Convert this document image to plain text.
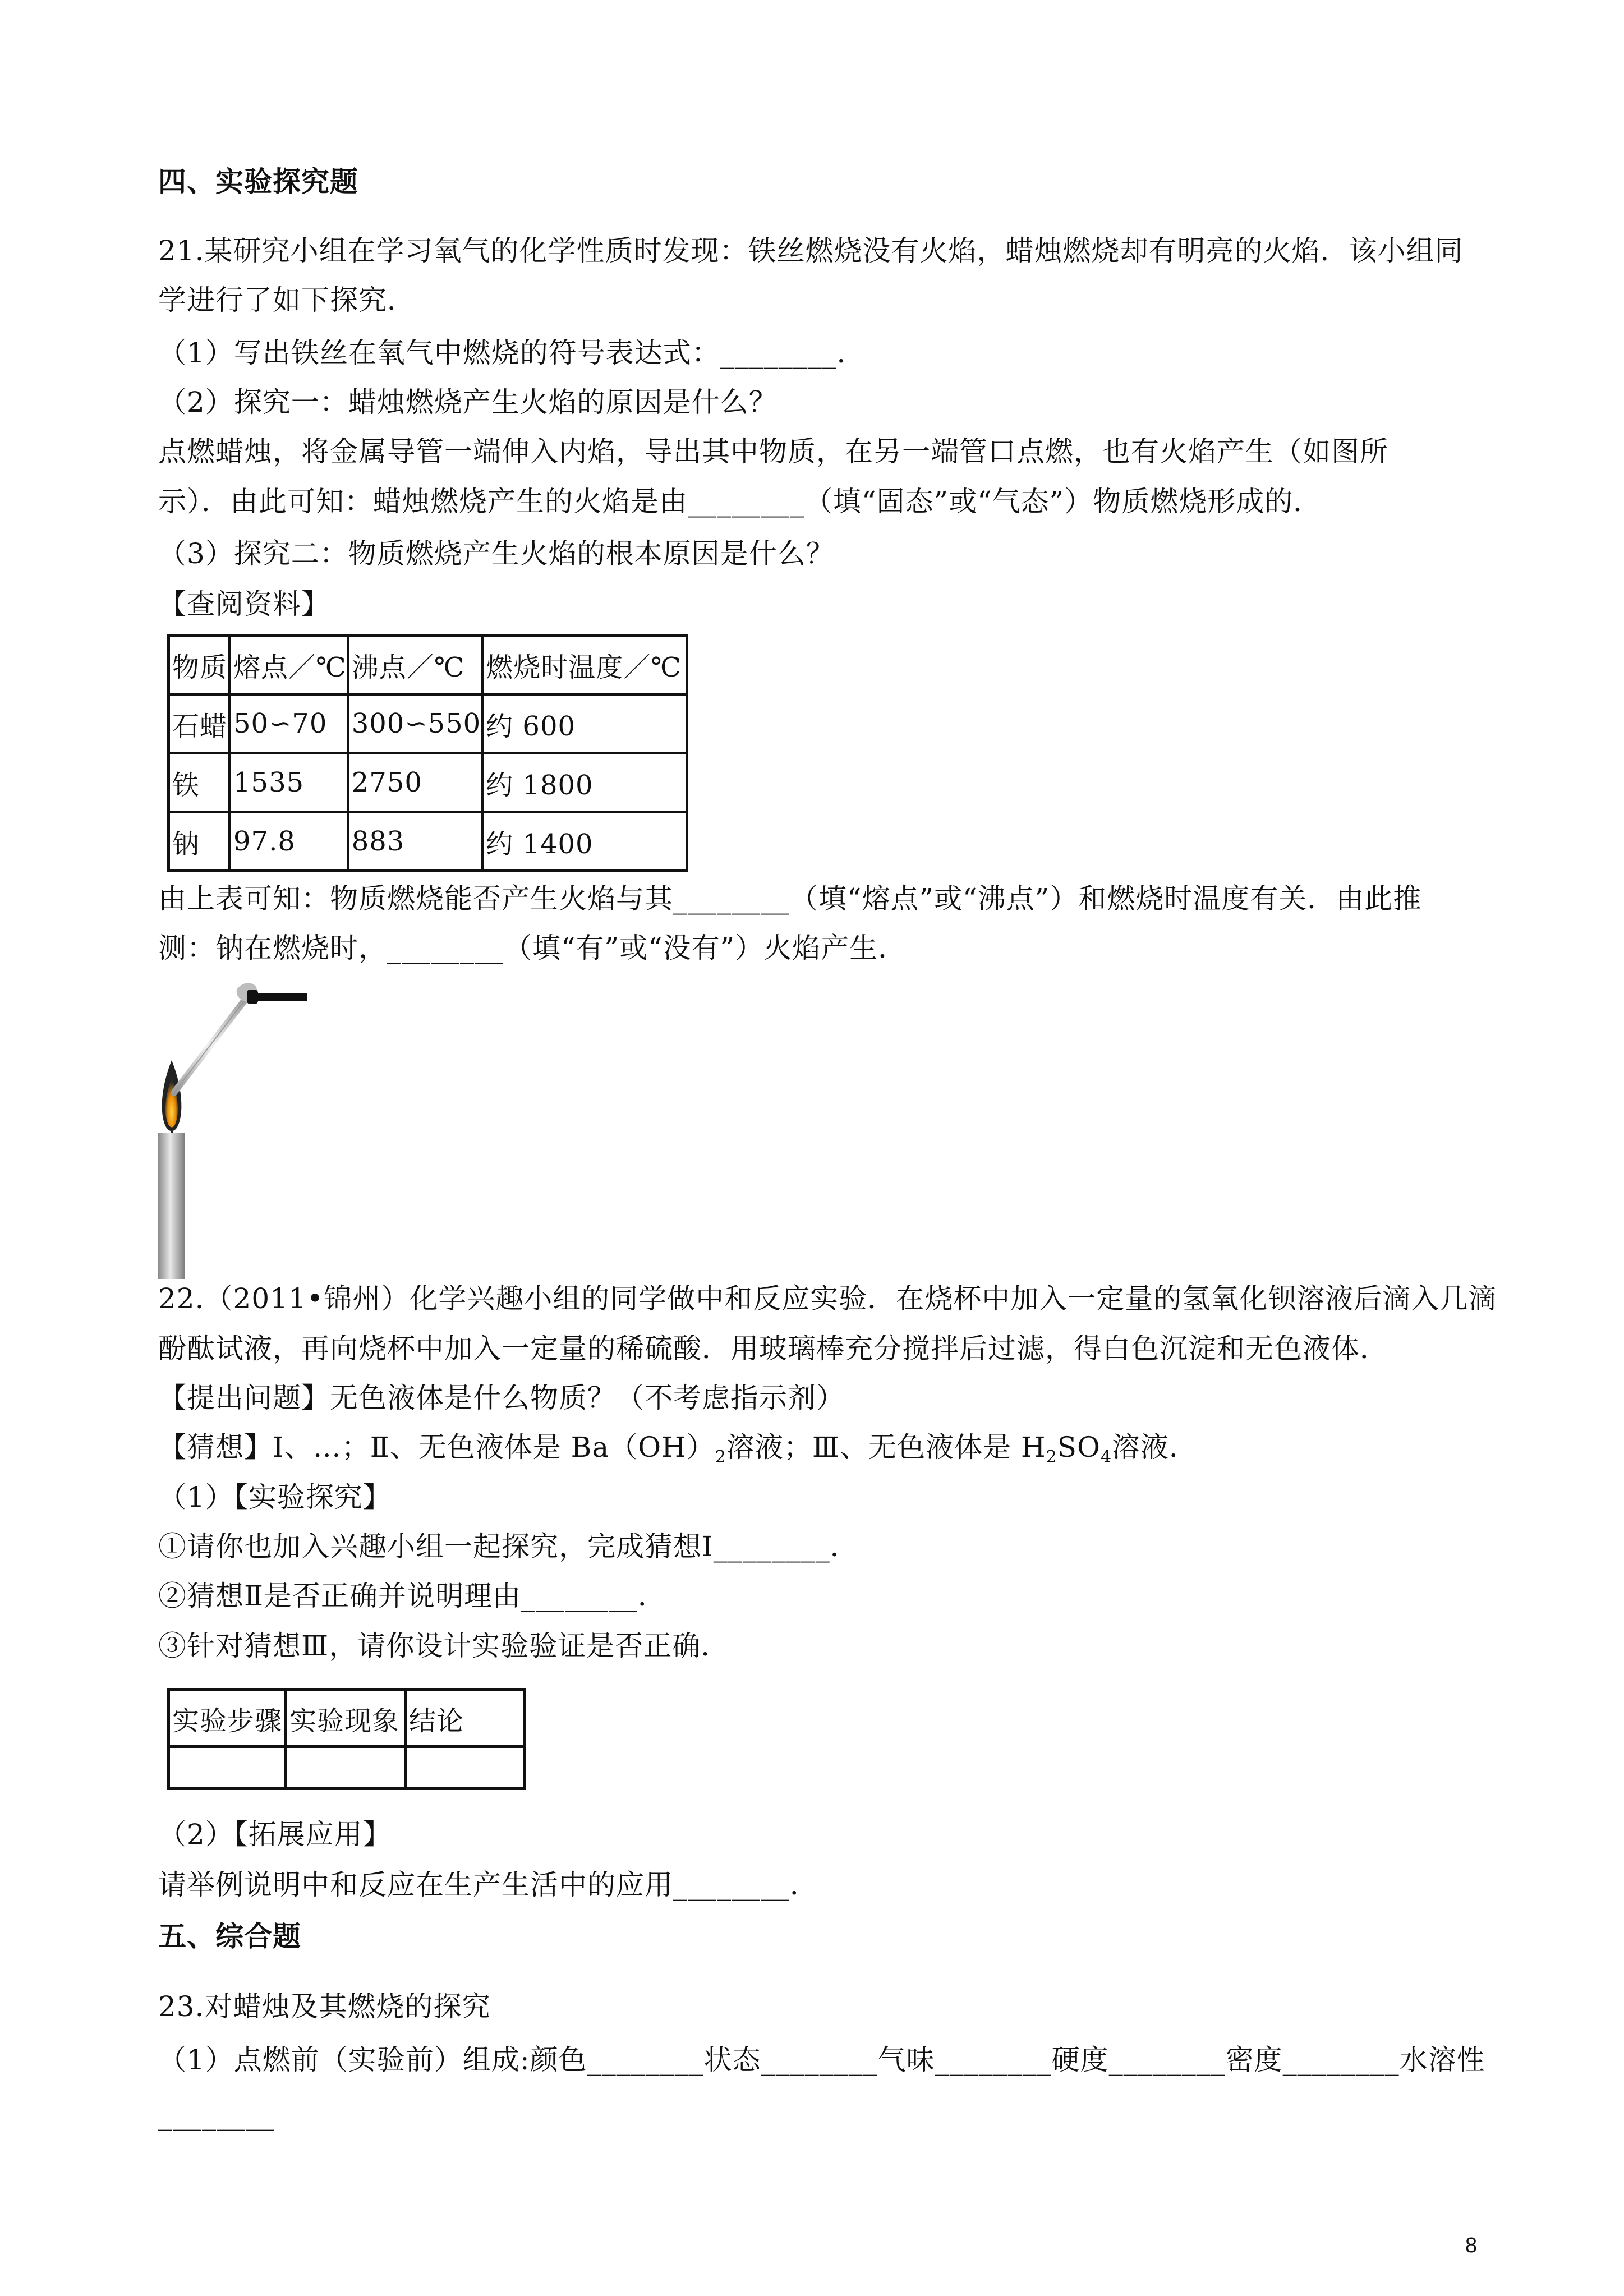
四、实验探究题
21.某研究小组在学习氧气的化学性质时发现：铁丝燃烧没有火焰，蜡烛燃烧却有明亮的火焰．该小组同
学进行了如下探究．
（1）写出铁丝在氧气中燃烧的符号表达式：________．
（2）探究一：蜡烛燃烧产生火焰的原因是什么？
点燃蜡烛，将金属导管一端伸入内焰，导出其中物质，在另一端管口点燃，也有火焰产生（如图所
示）．由此可知：蜡烛燃烧产生的火焰是由________（填“固态”或“气态”）物质燃烧形成的．
（3）探究二：物质燃烧产生火焰的根本原因是什么？
【查阅资料】
物质	熔点／℃	沸点／℃	燃烧时温度／℃
石蜡	50∽70	300∽550	约 600
铁	1535	2750	约 1800
钠	97.8	883	约 1400
由上表可知：物质燃烧能否产生火焰与其________（填“熔点”或“沸点”）和燃烧时温度有关．由此推
测：钠在燃烧时，________（填“有”或“没有”）火焰产生．
22.（2011•锦州）化学兴趣小组的同学做中和反应实验．在烧杯中加入一定量的氢氧化钡溶液后滴入几滴
酚酞试液，再向烧杯中加入一定量的稀硫酸．用玻璃棒充分搅拌后过滤，得白色沉淀和无色液体．
【提出问题】无色液体是什么物质？（不考虑指示剂）
【猜想】Ⅰ、…；Ⅱ、无色液体是 $Ba(OH)_2$溶液；Ⅲ、无色液体是 $H_2SO_4$溶液．
（1）【实验探究】
①请你也加入兴趣小组一起探究，完成猜想Ⅰ________．
②猜想Ⅱ是否正确并说明理由________．
③针对猜想Ⅲ，请你设计实验验证是否正确．
实验步骤	实验现象	结论

（2）【拓展应用】
请举例说明中和反应在生产生活中的应用________．
五、综合题
23.对蜡烛及其燃烧的探究
（1）点燃前（实验前）组成:颜色________状态________气味________硬度________密度________水溶性
________
8
